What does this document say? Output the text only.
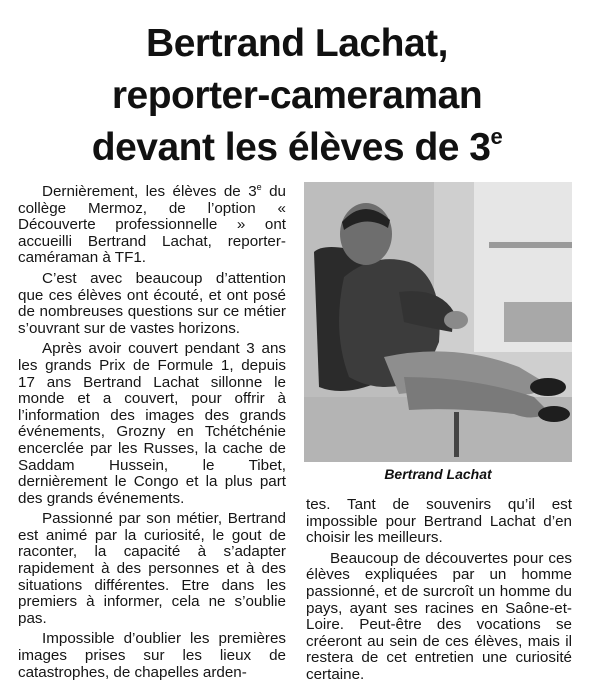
Bertrand Lachat,
reporter-cameraman
devant les élèves de 3e

Dernièrement, les élèves de 3e du collège Mermoz, de l’option « Découverte professionnelle » ont accueilli Bertrand Lachat, reporter-caméraman à TF1.

C’est avec beaucoup d’attention que ces élèves ont écouté, et ont posé de nombreuses questions sur ce métier s’ouvrant sur de vastes horizons.

Après avoir couvert pendant 3 ans les grands Prix de Formule 1, depuis 17 ans Bertrand Lachat sillonne le monde et a couvert, pour offrir à l’information des images des grands événements, Grozny en Tchétchénie encerclée par les Russes, la cache de Saddam Hussein, le Tibet, dernièrement le Congo et la plus part des grands événements.

Passionné par son métier, Bertrand est animé par la curiosité, le gout de raconter, la capacité à s’adapter rapidement à des personnes et à des situations différentes. Etre dans les premiers à informer, cela ne s’oublie pas.

Impossible d’oublier les premières images prises sur les lieux de catastrophes, de chapelles arden-

Bertrand Lachat

tes. Tant de souvenirs qu’il est impossible pour Bertrand Lachat d’en choisir les meilleurs.

Beaucoup de découvertes pour ces élèves expliquées par un homme passionné, et de surcroît un homme du pays, ayant ses racines en Saône-et-Loire. Peut-être des vocations se créeront au sein de ces élèves, mais il restera de cet entretien une curiosité certaine.
